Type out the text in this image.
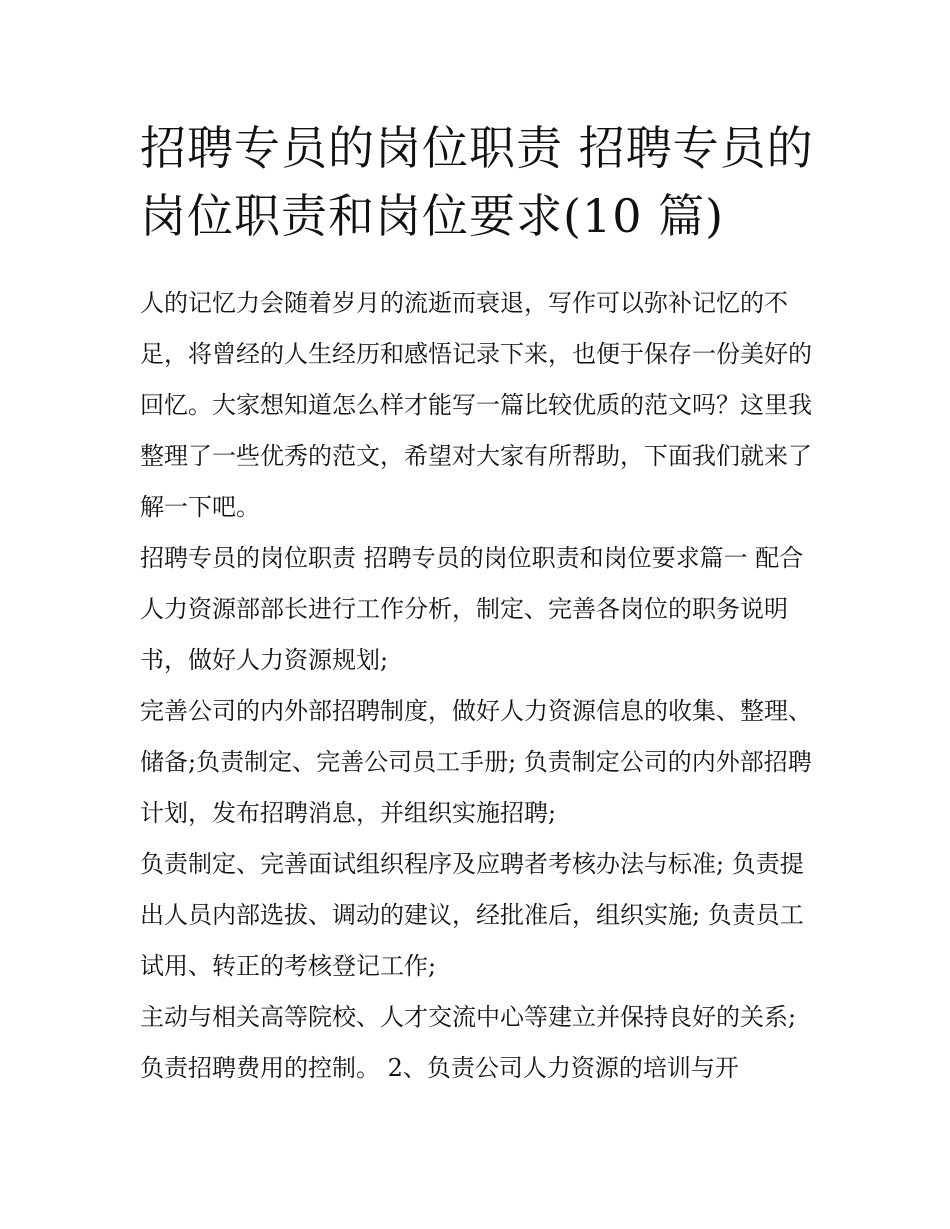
招聘专员的岗位职责 招聘专员的岗位职责和岗位要求(10 篇)

人的记忆力会随着岁月的流逝而衰退，写作可以弥补记忆的不足，将曾经的人生经历和感悟记录下来，也便于保存一份美好的回忆。大家想知道怎么样才能写一篇比较优质的范文吗？这里我整理了一些优秀的范文，希望对大家有所帮助，下面我们就来了解一下吧。

招聘专员的岗位职责 招聘专员的岗位职责和岗位要求篇一 配合人力资源部部长进行工作分析，制定、完善各岗位的职务说明书，做好人力资源规划;

完善公司的内外部招聘制度，做好人力资源信息的收集、整理、储备;负责制定、完善公司员工手册; 负责制定公司的内外部招聘计划，发布招聘消息，并组织实施招聘;

负责制定、完善面试组织程序及应聘者考核办法与标准; 负责提出人员内部选拔、调动的建议，经批准后，组织实施; 负责员工试用、转正的考核登记工作;

主动与相关高等院校、人才交流中心等建立并保持良好的关系; 负责招聘费用的控制。 2、负责公司人力资源的培训与开
